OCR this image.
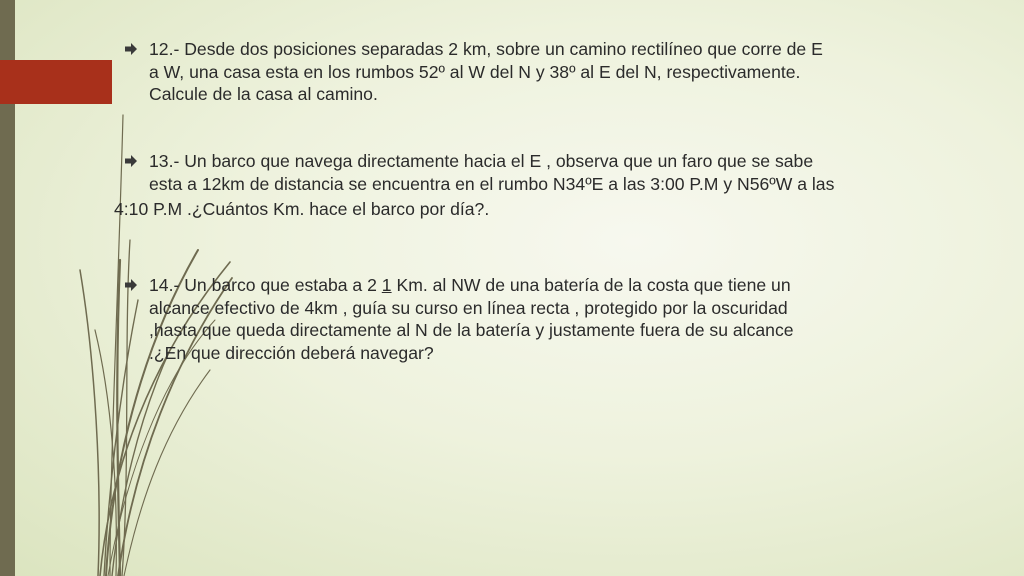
12.- Desde dos posiciones separadas 2 km, sobre un camino rectilíneo que corre de E
a W, una casa esta en los rumbos 52º al W del N y 38º al E del N, respectivamente.
Calcule de la casa al camino.
13.- Un barco que navega directamente hacia el E , observa que un faro que se sabe
esta a 12km de distancia se encuentra en el rumbo N34ºE a las 3:00 P.M y N56ºW a las
4:10 P.M .¿Cuántos Km. hace el barco por día?.
14.- Un barco que estaba a 2 1 Km. al NW de una batería de la costa que tiene un
alcance efectivo de 4km , guía su curso en línea recta , protegido por la oscuridad
,hasta que queda directamente al N de la batería y justamente fuera de su alcance
.¿En que dirección deberá navegar?
